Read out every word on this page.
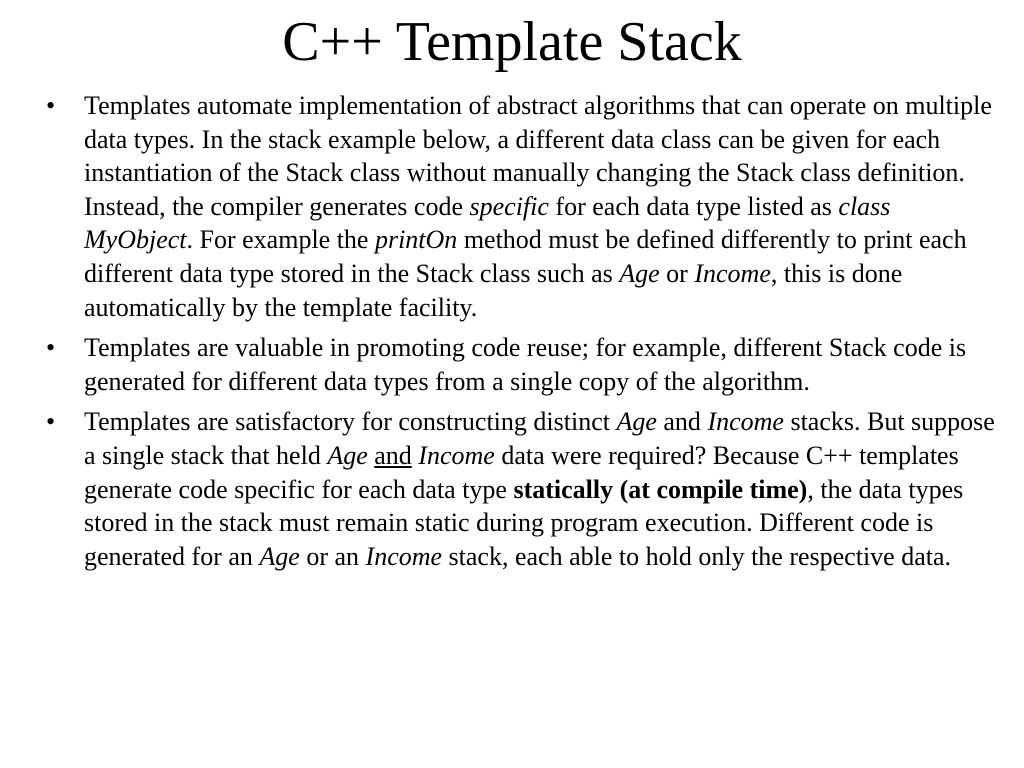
C++ Template Stack
•	Templates automate implementation of abstract algorithms that can operate on multiple data types. In the stack example below, a different data class can be given for each instantiation of the Stack class without manually changing the Stack class definition. Instead, the compiler generates code specific for each data type listed as class MyObject. For example the printOn method must be defined differently to print each different data type stored in the Stack class such as Age or Income, this is done automatically by the template facility.
•	Templates are valuable in promoting code reuse; for example, different Stack code is generated for different data types from a single copy of the algorithm.
•	Templates are satisfactory for constructing distinct Age and Income stacks. But suppose a single stack that held Age and Income data were required? Because C++ templates generate code specific for each data type statically (at compile time), the data types stored in the stack must remain static during program execution. Different code is generated for an Age or an Income stack, each able to hold only the respective data.
